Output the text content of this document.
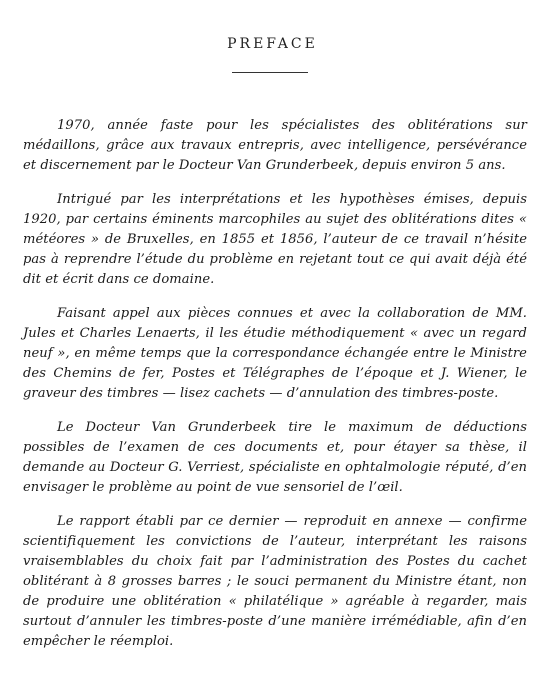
PREFACE

1970, année faste pour les spécialistes des oblitérations sur médaillons, grâce aux travaux entrepris, avec intelligence, persévérance et discernement par le Docteur Van Grunderbeek, depuis environ 5 ans.

Intrigué par les interprétations et les hypothèses émises, depuis 1920, par certains éminents marcophiles au sujet des oblitérations dites « météores » de Bruxelles, en 1855 et 1856, l’auteur de ce travail n’hésite pas à reprendre l’étude du problème en rejetant tout ce qui avait déjà été dit et écrit dans ce domaine.

Faisant appel aux pièces connues et avec la collaboration de MM. Jules et Charles Lenaerts, il les étudie méthodiquement « avec un regard neuf », en même temps que la correspondance échangée entre le Ministre des Chemins de fer, Postes et Télégraphes de l’époque et J. Wiener, le graveur des timbres — lisez cachets — d’annulation des timbres-poste.

Le Docteur Van Grunderbeek tire le maximum de déductions possibles de l’examen de ces documents et, pour étayer sa thèse, il demande au Docteur G. Verriest, spécialiste en ophtalmologie réputé, d’en envisager le problème au point de vue sensoriel de l’œil.

Le rapport établi par ce dernier — reproduit en annexe — confirme scientifiquement les convictions de l’auteur, interprétant les raisons vraisemblables du choix fait par l’administration des Postes du cachet oblitérant à 8 grosses barres ; le souci permanent du Ministre étant, non de produire une oblitération « philatélique » agréable à regarder, mais surtout d’annuler les timbres-poste d’une manière irrémédiable, afin d’en empêcher le réemploi.
